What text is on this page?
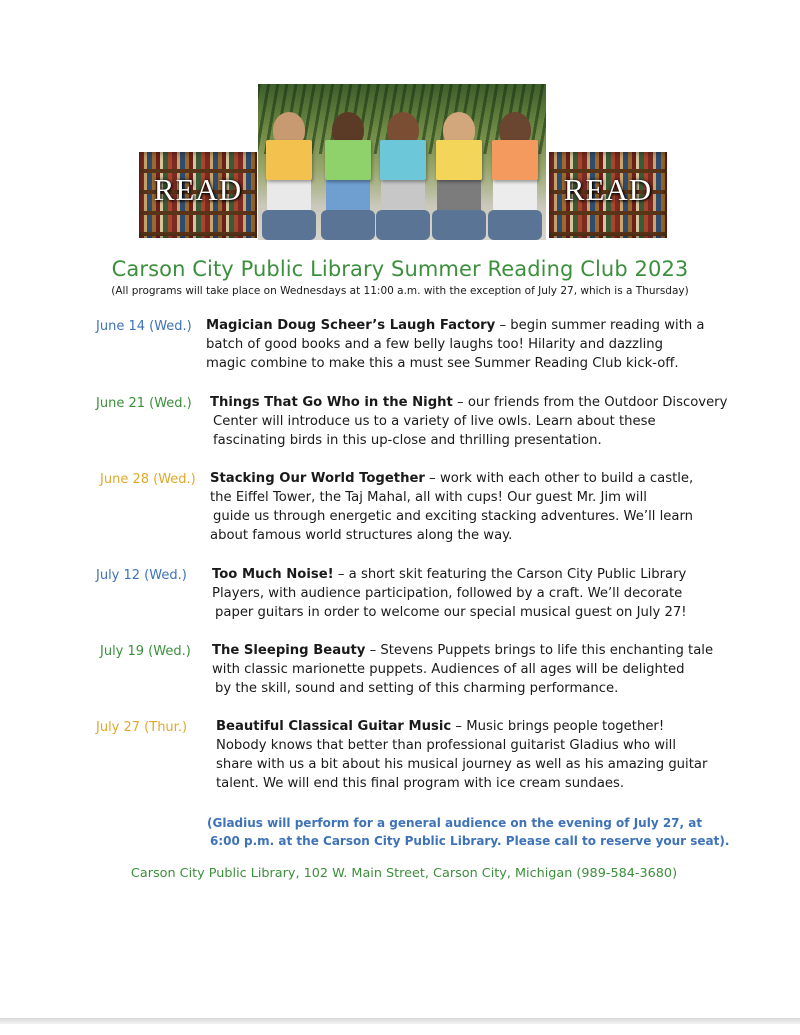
READ	READ
Carson City Public Library Summer Reading Club 2023
(All programs will take place on Wednesdays at 11:00 a.m. with the exception of July 27, which is a Thursday)
June 14 (Wed.) Magician Doug Scheer’s Laugh Factory – begin summer reading with a
batch of good books and a few belly laughs too! Hilarity and dazzling
magic combine to make this a must see Summer Reading Club kick-off.
June 21 (Wed.) Things That Go Who in the Night – our friends from the Outdoor Discovery
Center will introduce us to a variety of live owls. Learn about these
fascinating birds in this up-close and thrilling presentation.
June 28 (Wed.) Stacking Our World Together – work with each other to build a castle,
the Eiffel Tower, the Taj Mahal, all with cups! Our guest Mr. Jim will
guide us through energetic and exciting stacking adventures. We’ll learn
about famous world structures along the way.
July 12 (Wed.) Too Much Noise! – a short skit featuring the Carson City Public Library
Players, with audience participation, followed by a craft. We’ll decorate
paper guitars in order to welcome our special musical guest on July 27!
July 19 (Wed.) The Sleeping Beauty – Stevens Puppets brings to life this enchanting tale
with classic marionette puppets. Audiences of all ages will be delighted
by the skill, sound and setting of this charming performance.
July 27 (Thur.) Beautiful Classical Guitar Music – Music brings people together!
Nobody knows that better than professional guitarist Gladius who will
share with us a bit about his musical journey as well as his amazing guitar
talent. We will end this final program with ice cream sundaes.
(Gladius will perform for a general audience on the evening of July 27, at
6:00 p.m. at the Carson City Public Library. Please call to reserve your seat).
Carson City Public Library, 102 W. Main Street, Carson City, Michigan (989-584-3680)
